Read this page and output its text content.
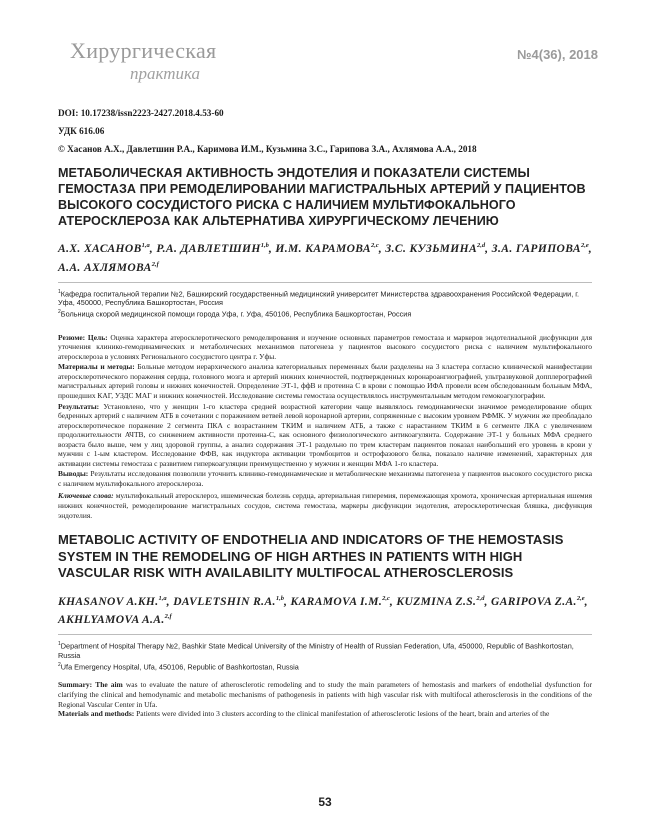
Хирургическая
практика
№4(36), 2018

DOI: 10.17238/issn2223-2427.2018.4.53-60

УДК 616.06

© Хасанов А.Х., Давлетшин Р.А., Каримова И.М., Кузьмина З.С., Гарипова З.А., Ахлямова А.А., 2018

МЕТАБОЛИЧЕСКАЯ АКТИВНОСТЬ ЭНДОТЕЛИЯ И ПОКАЗАТЕЛИ СИСТЕМЫ ГЕМОСТАЗА ПРИ РЕМОДЕЛИРОВАНИИ МАГИСТРАЛЬНЫХ АРТЕРИЙ У ПАЦИЕНТОВ ВЫСОКОГО СОСУДИСТОГО РИСКА С НАЛИЧИЕМ МУЛЬТИФОКАЛЬНОГО АТЕРОСКЛЕРОЗА КАК АЛЬТЕРНАТИВА ХИРУРГИЧЕСКОМУ ЛЕЧЕНИЮ
А.Х. ХАСАНОВ$^{1,a}$, Р.А. ДАВЛЕТШИН$^{1,b}$, И.М. КАРАМОВА$^{2,c}$, З.С. КУЗЬМИНА$^{2,d}$, З.А. ГАРИПОВА$^{2,e}$, А.А. АХЛЯМОВА$^{2,f}$

$^1$Кафедра госпитальной терапии №2, Башкирский государственный медицинский университет Министерства здравоохранения Российской Федерации, г. Уфа, 450000, Республика Башкортостан, Россия

$^2$Больница скорой медицинской помощи города Уфа, г. Уфа, 450106, Республика Башкортостан, Россия

Резюме: Цель: Оценка характера атеросклеротического ремоделирования и изучение основных параметров гемостаза и маркеров эндотелиальной дисфункции для уточнения клинико-гемодинамических и метаболических механизмов патогенеза у пациентов высокого сосудистого риска с наличием мультифокального атеросклероза в условиях Регионального сосудистого центра г. Уфы.

Материалы и методы: Больные методом иерархического анализа категориальных переменных были разделены на 3 кластера согласно клинической манифестации атеросклеротического поражения сердца, головного мозга и артерий нижних конечностей, подтвержденных коронароангиографией, ультразвуковой допплерографией магистральных артерий головы и нижних конечностей. Определение ЭТ-1, ффВ и протеина С в крови с помощью ИФА провели всем обследованным больным МФА, прошедших КАГ, УЗДС МАГ и нижних конечностей. Исследование системы гемостаза осуществлялось инструментальным методом гемокоагулографии.

Результаты: Установлено, что у женщин 1-го кластера средней возрастной категории чаще выявлялось гемодинамически значимое ремоделирование общих бедренных артерий с наличием АТБ в сочетании с поражением ветвей левой коронарной артерии, сопряженные с высоким уровнем РФМК. У мужчин же преобладало атеросклеротическое поражение 2 сегмента ПКА с возрастанием ТКИМ и наличием АТБ, а также с нарастанием ТКИМ в 6 сегменте ЛКА с увеличением продолжительности АЧТВ, со снижением активности протеина-С, как основного физиологического антикоагулянта. Содержание ЭТ-1 у больных МФА среднего возраста было выше, чем у лиц здоровой группы, а анализ содержания ЭТ-1 раздельно по трем кластерам пациентов показал наибольший его уровень в крови у мужчин с 1-ым кластером. Исследование ФФВ, как индуктора активации тромбоцитов и острофазового белка, показало наличие изменений, характерных для активации системы гемостаза с развитием гиперкоагуляции преимущественно у мужчин и женщин МФА 1-го кластера.

Выводы: Результаты исследования позволили уточнить клинико-гемодинамические и метаболические механизмы патогенеза у пациентов высокого сосудистого риска с наличием мультифокального атеросклероза.

Ключевые слова: мультифокальный атеросклероз, ишемическая болезнь сердца, артериальная гиперемия, перемежающая хромота, хроническая артериальная ишемия нижних конечностей, ремоделирование магистральных сосудов, система гемостаза, маркеры дисфункции эндотелия, атеросклеротическая бляшка, дисфункция эндотелия.

METABOLIC ACTIVITY OF ENDOTHELIA AND INDICATORS OF THE HEMOSTASIS SYSTEM IN THE REMODELING OF HIGH ARTHES IN PATIENTS WITH HIGH VASCULAR RISK WITH AVAILABILITY MULTIFOCAL ATHEROSCLEROSIS
KHASANOV A.KH.$^{1,a}$, DAVLETSHIN R.A.$^{1,b}$, KARAMOVA I.M.$^{2,c}$, KUZMINA Z.S.$^{2,d}$, GARIPOVA Z.A.$^{2,e}$, AKHLYAMOVA A.A.$^{2,f}$

$^1$Department of Hospital Therapy №2, Bashkir State Medical University of the Ministry of Health of Russian Federation, Ufa, 450000, Republic of Bashkortostan, Russia

$^2$Ufa Emergency Hospital, Ufa, 450106, Republic of Bashkortostan, Russia

Summary: The aim was to evaluate the nature of atherosclerotic remodeling and to study the main parameters of hemostasis and markers of endothelial dysfunction for clarifying the clinical and hemodynamic and metabolic mechanisms of pathogenesis in patients with high vascular risk with multifocal atherosclerosis in the conditions of the Regional Vascular Center in Ufa.

Materials and methods: Patients were divided into 3 clusters according to the clinical manifestation of atherosclerotic lesions of the heart, brain and arteries of the

53
